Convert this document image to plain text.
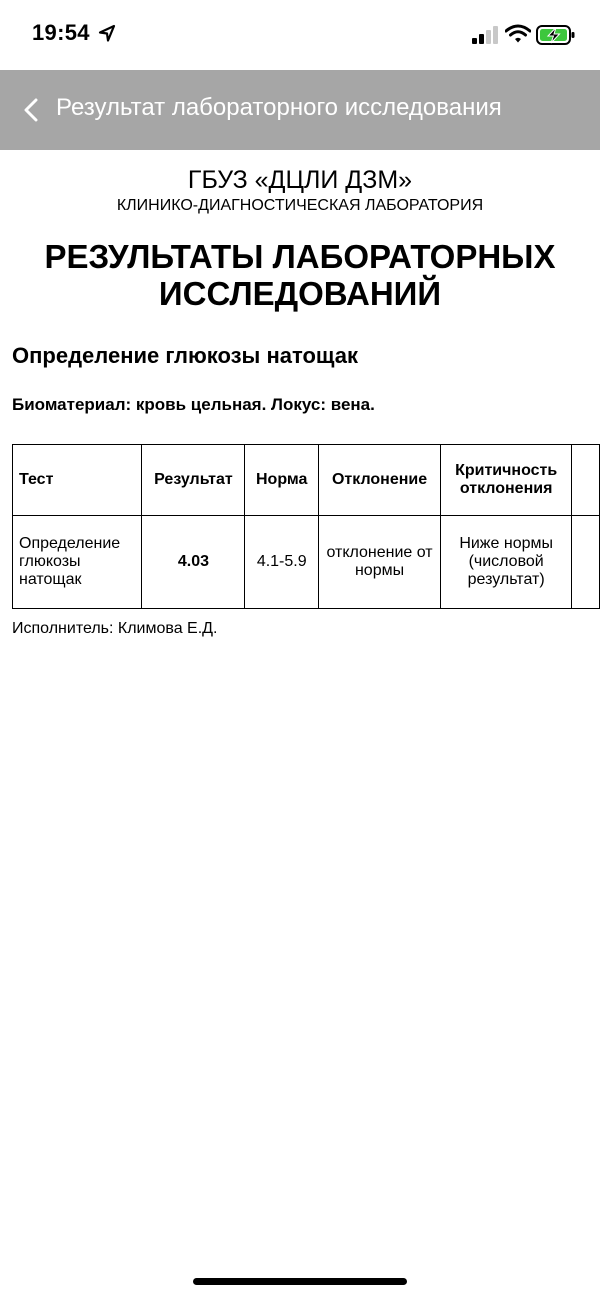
19:54
Результат лабораторного исследования
ГБУЗ «ДЦЛИ ДЗМ»
КЛИНИКО-ДИАГНОСТИЧЕСКАЯ ЛАБОРАТОРИЯ
РЕЗУЛЬТАТЫ ЛАБОРАТОРНЫХ ИССЛЕДОВАНИЙ
Определение глюкозы натощак
Биоматериал: кровь цельная. Локус: вена.
Тест	Результат	Норма	Отклонение	Критичность отклонения	
Определение глюкозы натощак	4.03	4.1-5.9	отклонение от нормы	Ниже нормы (числовой результат)	
Исполнитель: Климова Е.Д.
